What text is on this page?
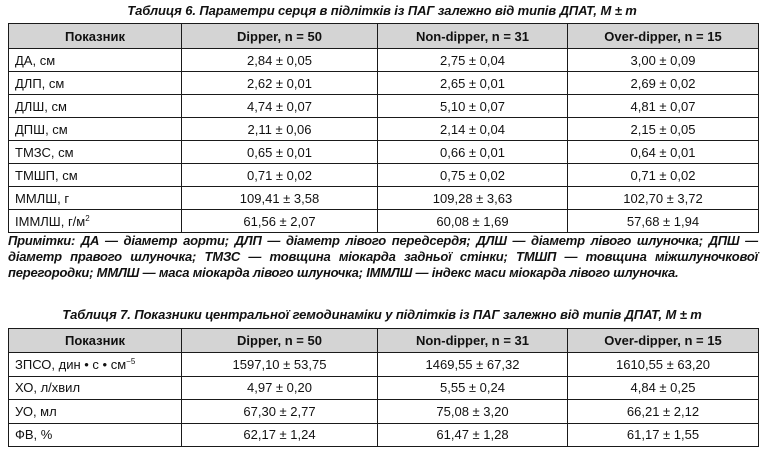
Таблиця 6. Параметри серця в підлітків із ПАГ залежно від типів ДПАТ, M ± m
Показник	Dipper, n = 50	Non-dipper, n = 31	Over-dipper, n = 15
ДА, см	2,84 ± 0,05	2,75 ± 0,04	3,00 ± 0,09
ДЛП, см	2,62 ± 0,01	2,65 ± 0,01	2,69 ± 0,02
ДЛШ, см	4,74 ± 0,07	5,10 ± 0,07	4,81 ± 0,07
ДПШ, см	2,11 ± 0,06	2,14 ± 0,04	2,15 ± 0,05
ТМЗС, см	0,65 ± 0,01	0,66 ± 0,01	0,64 ± 0,01
ТМШП, см	0,71 ± 0,02	0,75 ± 0,02	0,71 ± 0,02
ММЛШ, г	109,41 ± 3,58	109,28 ± 3,63	102,70 ± 3,72
ІММЛШ, $г/м^2$	61,56 ± 2,07	60,08 ± 1,69	57,68 ± 1,94
Примітки: ДА — діаметр аорти; ДЛП — діаметр лівого передсердя; ДЛШ — діаметр лівого шлуночка; ДПШ — діаметр правого шлуночка; ТМЗС — товщина міокарда задньої стінки; ТМШП — товщина міжшлуночкової перегородки; ММЛШ — маса міокарда лівого шлуночка; ІММЛШ — індекс маси міокарда лівого шлуночка.
Таблиця 7. Показники центральної гемодинаміки у підлітків із ПАГ залежно від типів ДПАТ, M ± m
Показник	Dipper, n = 50	Non-dipper, n = 31	Over-dipper, n = 15
ЗПСО, дин • с • $см^{-5}$	1597,10 ± 53,75	1469,55 ± 67,32	1610,55 ± 63,20
ХО, л/хвил	4,97 ± 0,20	5,55 ± 0,24	4,84 ± 0,25
УО, мл	67,30 ± 2,77	75,08 ± 3,20	66,21 ± 2,12
ФВ, %	62,17 ± 1,24	61,47 ± 1,28	61,17 ± 1,55
